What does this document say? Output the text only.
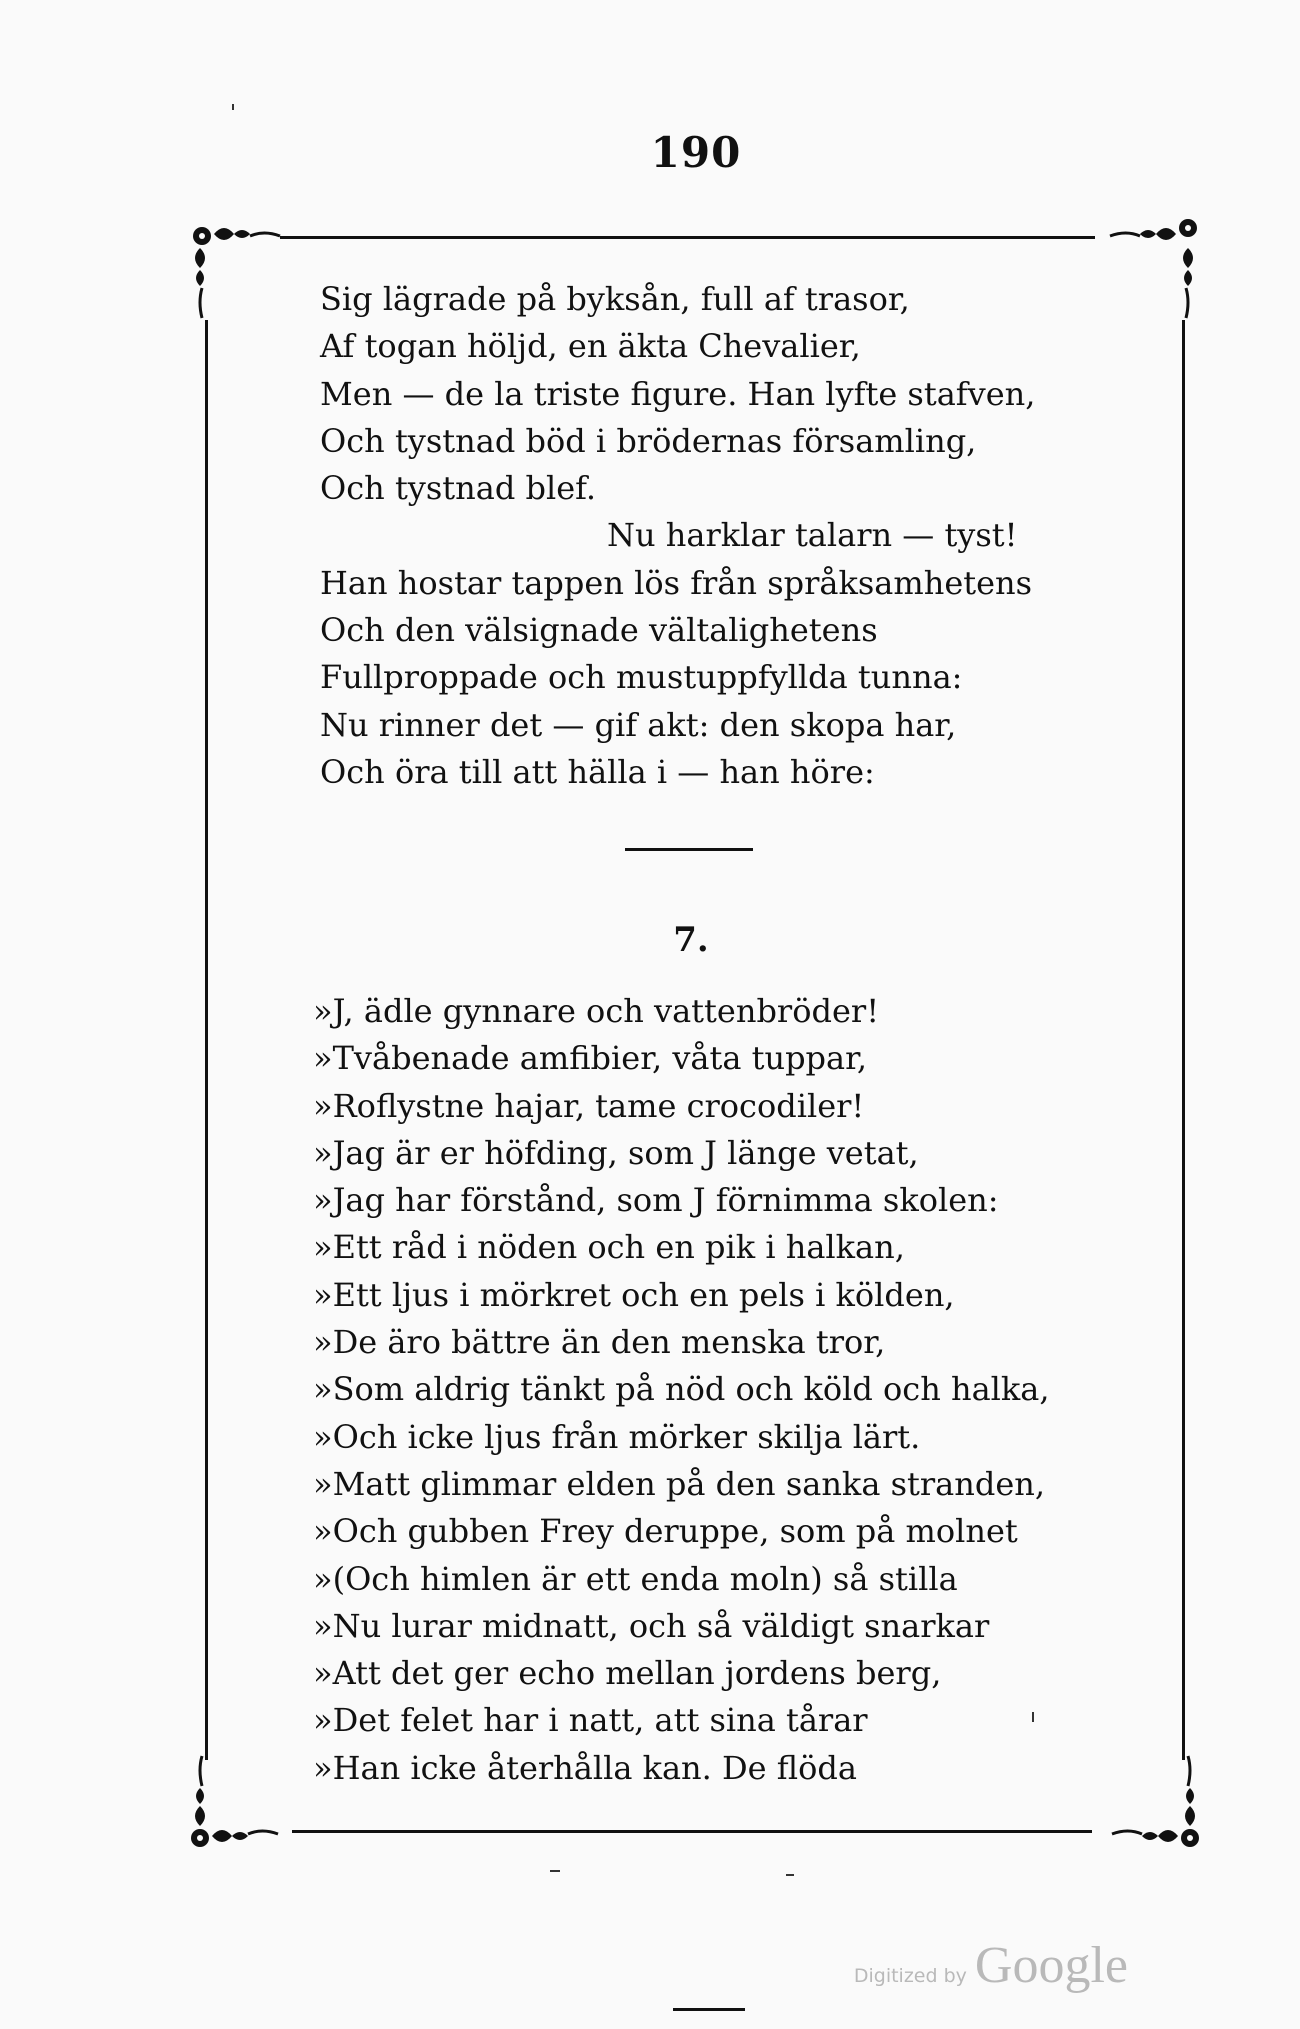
190
Sig lägrade på byksån, full af trasor,
Af togan höljd, en äkta Chevalier,
Men — de la triste figure. Han lyfte stafven,
Och tystnad böd i brödernas församling,
Och tystnad blef.
Nu harklar talarn — tyst!
Han hostar tappen lös från språksamhetens
Och den välsignade vältalighetens
Fullproppade och mustuppfyllda tunna:
Nu rinner det — gif akt: den skopa har,
Och öra till att hälla i — han höre:
7.
»J, ädle gynnare och vattenbröder!
»Tvåbenade amfibier, våta tuppar,
»Roflystne hajar, tame crocodiler!
»Jag är er höfding, som J länge vetat,
»Jag har förstånd, som J förnimma skolen:
»Ett råd i nöden och en pik i halkan,
»Ett ljus i mörkret och en pels i kölden,
»De äro bättre än den menska tror,
»Som aldrig tänkt på nöd och köld och halka,
»Och icke ljus från mörker skilja lärt.
»Matt glimmar elden på den sanka stranden,
»Och gubben Frey deruppe, som på molnet
»(Och himlen är ett enda moln) så stilla
»Nu lurar midnatt, och så väldigt snarkar
»Att det ger echo mellan jordens berg,
»Det felet har i natt, att sina tårar
»Han icke återhålla kan. De flöda
Digitized by Google
